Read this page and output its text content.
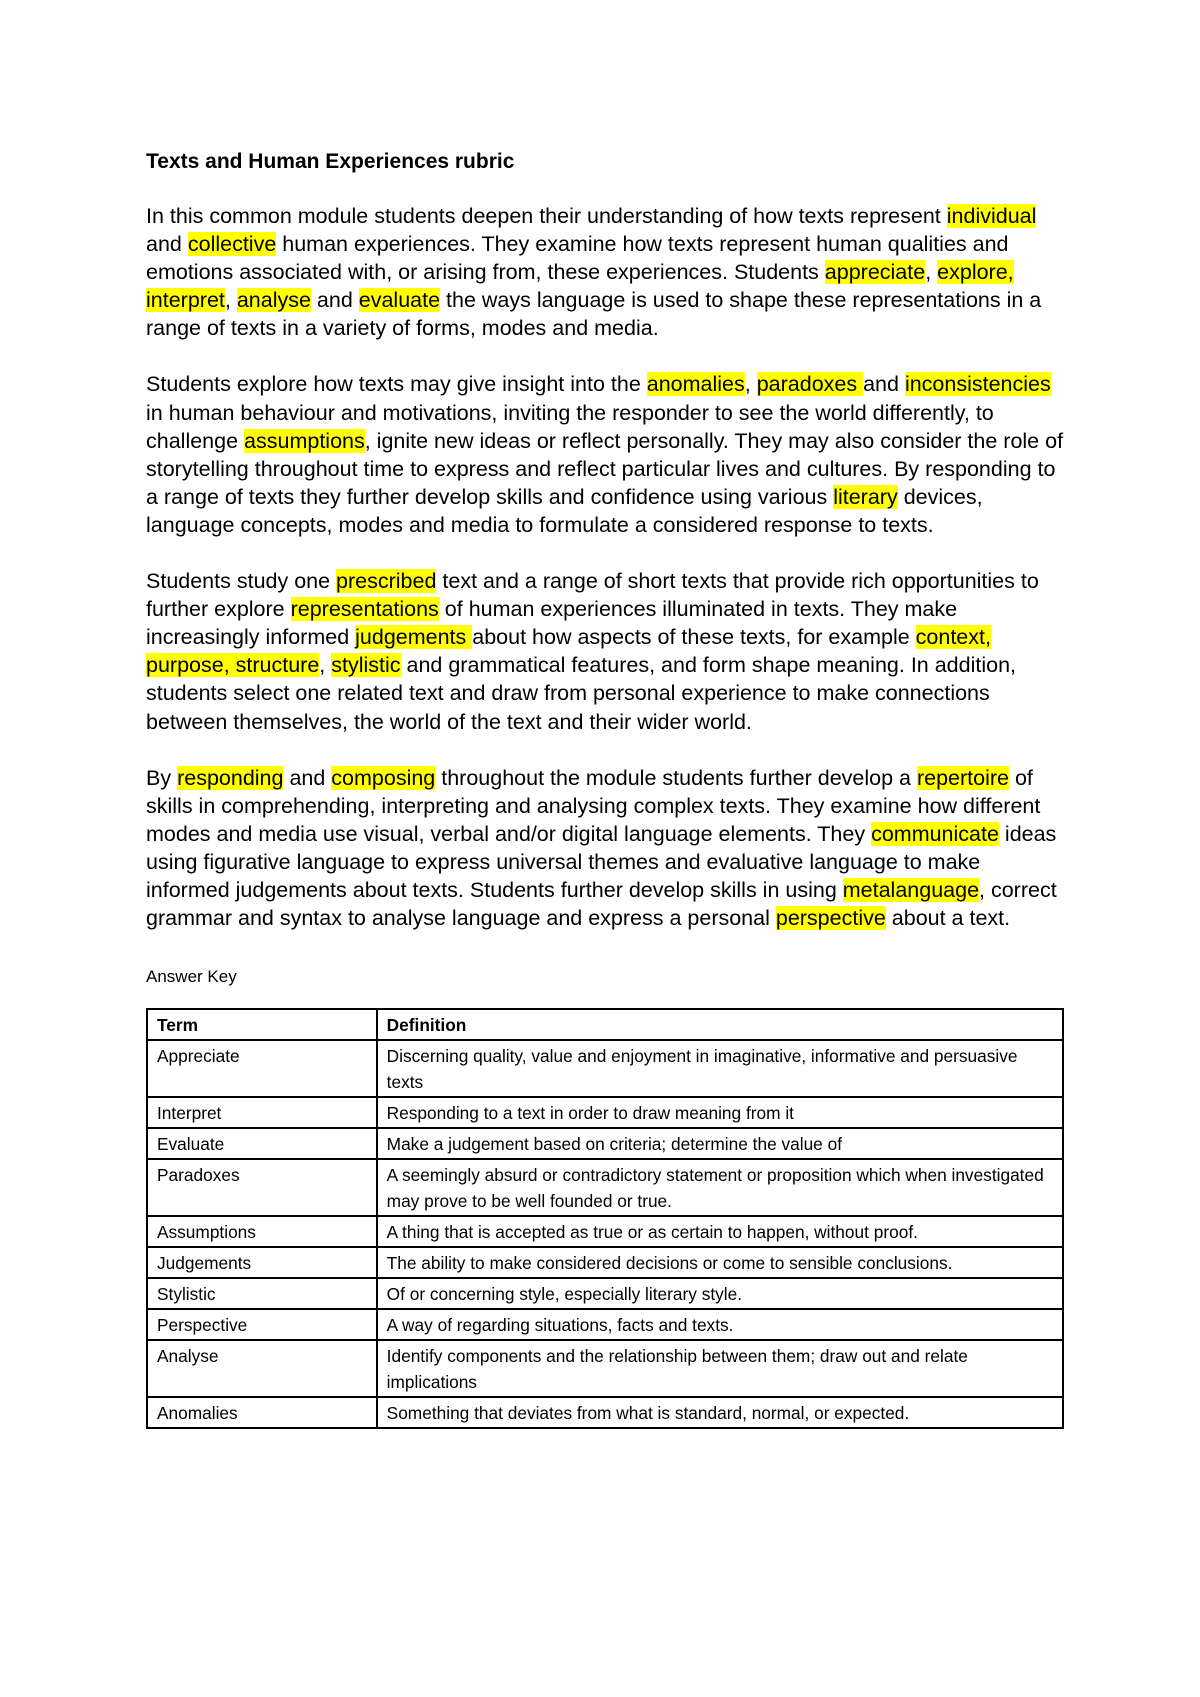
Texts and Human Experiences rubric
In this common module students deepen their understanding of how texts represent individual and collective human experiences. They examine how texts represent human qualities and emotions associated with, or arising from, these experiences. Students appreciate, explore, interpret, analyse and evaluate the ways language is used to shape these representations in a range of texts in a variety of forms, modes and media.
Students explore how texts may give insight into the anomalies, paradoxes and inconsistencies in human behaviour and motivations, inviting the responder to see the world differently, to challenge assumptions, ignite new ideas or reflect personally. They may also consider the role of storytelling throughout time to express and reflect particular lives and cultures. By responding to a range of texts they further develop skills and confidence using various literary devices, language concepts, modes and media to formulate a considered response to texts.
Students study one prescribed text and a range of short texts that provide rich opportunities to further explore representations of human experiences illuminated in texts. They make increasingly informed judgements about how aspects of these texts, for example context, purpose, structure, stylistic and grammatical features, and form shape meaning. In addition, students select one related text and draw from personal experience to make connections between themselves, the world of the text and their wider world.
By responding and composing throughout the module students further develop a repertoire of skills in comprehending, interpreting and analysing complex texts. They examine how different modes and media use visual, verbal and/or digital language elements. They communicate ideas using figurative language to express universal themes and evaluative language to make informed judgements about texts. Students further develop skills in using metalanguage, correct grammar and syntax to analyse language and express a personal perspective about a text.
Answer Key
Term	Definition
Appreciate	Discerning quality, value and enjoyment in imaginative, informative and persuasive texts
Interpret	Responding to a text in order to draw meaning from it
Evaluate	Make a judgement based on criteria; determine the value of
Paradoxes	A seemingly absurd or contradictory statement or proposition which when investigated may prove to be well founded or true.
Assumptions	A thing that is accepted as true or as certain to happen, without proof.
Judgements	The ability to make considered decisions or come to sensible conclusions.
Stylistic	Of or concerning style, especially literary style.
Perspective	A way of regarding situations, facts and texts.
Analyse	Identify components and the relationship between them; draw out and relate implications
Anomalies	Something that deviates from what is standard, normal, or expected.
